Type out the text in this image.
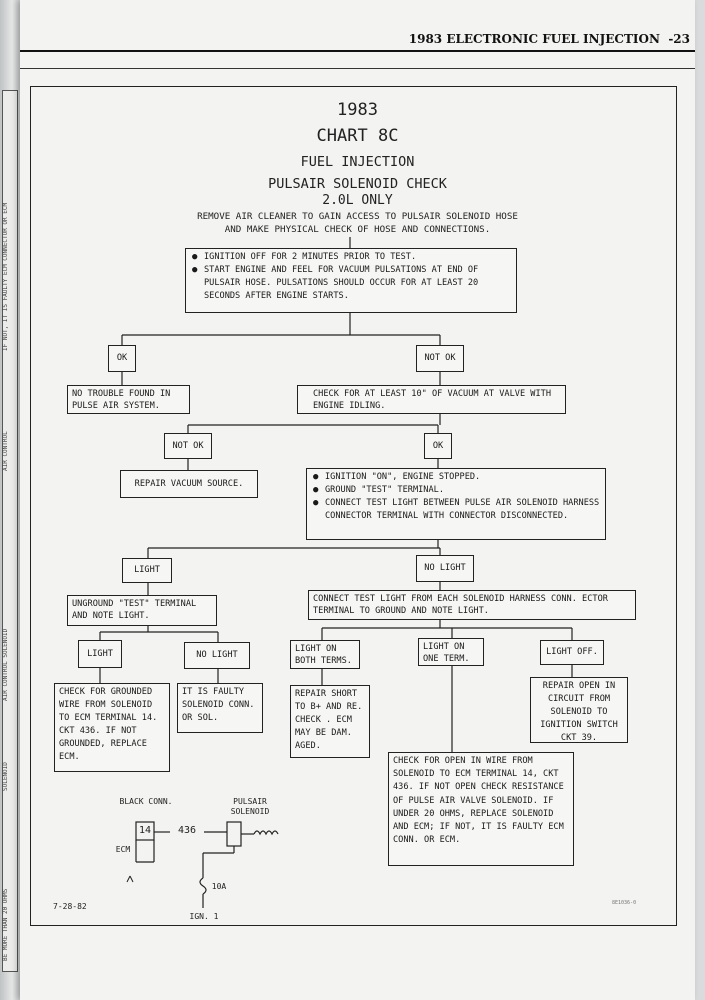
IF NOT, IT IS FAULTY ECM CONNECTOR OR ECM
AIR CONTROL
AIR CONTROL SOLENOID
SOLENOID
BE MORE THAN 20 OHMS
1983 ELECTRONIC FUEL INJECTION -23
1983
CHART 8C
FUEL INJECTION
PULSAIR SOLENOID CHECK
2.0L ONLY
REMOVE AIR CLEANER TO GAIN ACCESS TO PULSAIR SOLENOID HOSE
AND MAKE PHYSICAL CHECK OF HOSE AND CONNECTIONS.
● IGNITION OFF FOR 2 MINUTES PRIOR TO TEST.
● START ENGINE AND FEEL FOR VACUUM PULSATIONS AT END OF PULSAIR HOSE. PULSATIONS SHOULD OCCUR FOR AT LEAST 20 SECONDS AFTER ENGINE STARTS.
OK	NOT OK
NO TROUBLE FOUND IN PULSE AIR SYSTEM.
CHECK FOR AT LEAST 10" OF VACUUM AT VALVE WITH ENGINE IDLING.
NOT OK	OK
REPAIR VACUUM SOURCE.
● IGNITION "ON", ENGINE STOPPED.
● GROUND "TEST" TERMINAL.
● CONNECT TEST LIGHT BETWEEN PULSE AIR SOLENOID HARNESS CONNECTOR TERMINAL WITH CONNECTOR DISCONNECTED.
LIGHT	NO LIGHT
UNGROUND "TEST" TERMINAL AND NOTE LIGHT.
CONNECT TEST LIGHT FROM EACH SOLENOID HARNESS CONN. ECTOR TERMINAL TO GROUND AND NOTE LIGHT.
LIGHT	NO LIGHT
LIGHT ON BOTH TERMS.
LIGHT ON ONE TERM.
LIGHT OFF.
CHECK FOR GROUNDED WIRE FROM SOLENOID TO ECM TERMINAL 14. CKT 436. IF NOT GROUNDED, REPLACE ECM.
IT IS FAULTY SOLENOID CONN. OR SOL.
REPAIR SHORT TO B+ AND RE. CHECK . ECM MAY BE DAM. AGED.
REPAIR OPEN IN CIRCUIT FROM SOLENOID TO IGNITION SWITCH CKT 39.
CHECK FOR OPEN IN WIRE FROM SOLENOID TO ECM TERMINAL 14, CKT 436. IF NOT OPEN CHECK RESISTANCE OF PULSE AIR VALVE SOLENOID. IF UNDER 20 OHMS, REPLACE SOLENOID AND ECM; IF NOT, IT IS FAULTY ECM CONN. OR ECM.
BLACK CONN.	PULSAIR SOLENOID
14	436
ECM
10A
IGN. 1
7-28-82	8E1036-0
